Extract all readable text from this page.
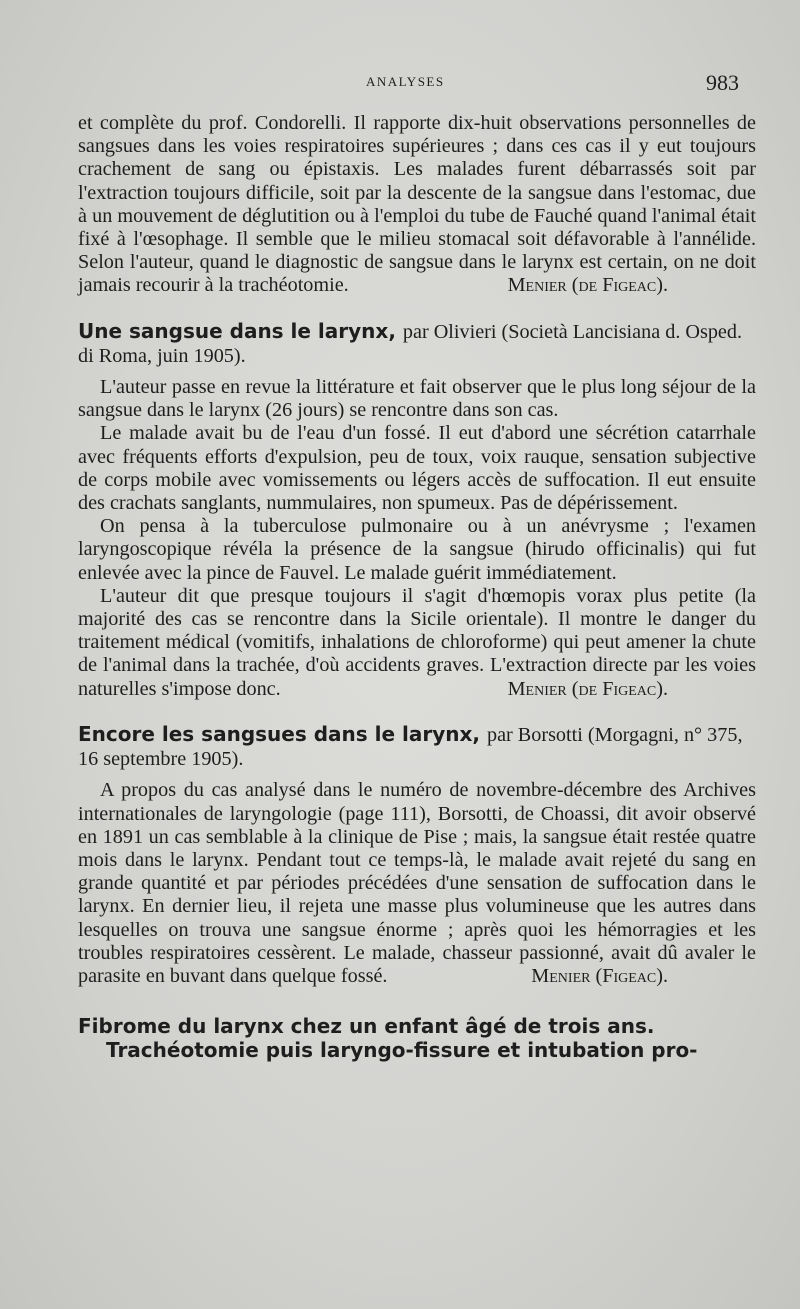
ANALYSES	983

et complète du prof. Condorelli. Il rapporte dix-huit observations personnelles de sangsues dans les voies respiratoires supérieures ; dans ces cas il y eut toujours crachement de sang ou épistaxis. Les malades furent débarrassés soit par l'extraction toujours difficile, soit par la descente de la sangsue dans l'estomac, due à un mouvement de déglutition ou à l'emploi du tube de Fauché quand l'animal était fixé à l'œsophage. Il semble que le milieu stomacal soit défavorable à l'annélide. Selon l'auteur, quand le diagnostic de sangsue dans le larynx est certain, on ne doit jamais recourir à la trachéotomie.	Menier (de Figeac).
Une sangsue dans le larynx, par Olivieri (Società Lancisiana d. Osped. di Roma, juin 1905).

L'auteur passe en revue la littérature et fait observer que le plus long séjour de la sangsue dans le larynx (26 jours) se rencontre dans son cas.

Le malade avait bu de l'eau d'un fossé. Il eut d'abord une sécrétion catarrhale avec fréquents efforts d'expulsion, peu de toux, voix rauque, sensation subjective de corps mobile avec vomissements ou légers accès de suffocation. Il eut ensuite des crachats sanglants, nummulaires, non spumeux. Pas de dépérissement.

On pensa à la tuberculose pulmonaire ou à un anévrysme ; l'examen laryngoscopique révéla la présence de la sangsue (hirudo officinalis) qui fut enlevée avec la pince de Fauvel. Le malade guérit immédiatement.

L'auteur dit que presque toujours il s'agit d'hœmopis vorax plus petite (la majorité des cas se rencontre dans la Sicile orientale). Il montre le danger du traitement médical (vomitifs, inhalations de chloroforme) qui peut amener la chute de l'animal dans la trachée, d'où accidents graves. L'extraction directe par les voies naturelles s'impose donc.	Menier (de Figeac).
Encore les sangsues dans le larynx, par Borsotti (Morgagni, n° 375, 16 septembre 1905).

A propos du cas analysé dans le numéro de novembre-décembre des Archives internationales de laryngologie (page 111), Borsotti, de Choassi, dit avoir observé en 1891 un cas semblable à la clinique de Pise ; mais, la sangsue était restée quatre mois dans le larynx. Pendant tout ce temps-là, le malade avait rejeté du sang en grande quantité et par périodes précédées d'une sensation de suffocation dans le larynx. En dernier lieu, il rejeta une masse plus volumineuse que les autres dans lesquelles on trouva une sangsue énorme ; après quoi les hémorragies et les troubles respiratoires cessèrent. Le malade, chasseur passionné, avait dû avaler le parasite en buvant dans quelque fossé.	Menier (Figeac).
Fibrome du larynx chez un enfant âgé de trois ans.
Trachéotomie puis laryngo-fissure et intubation pro-
